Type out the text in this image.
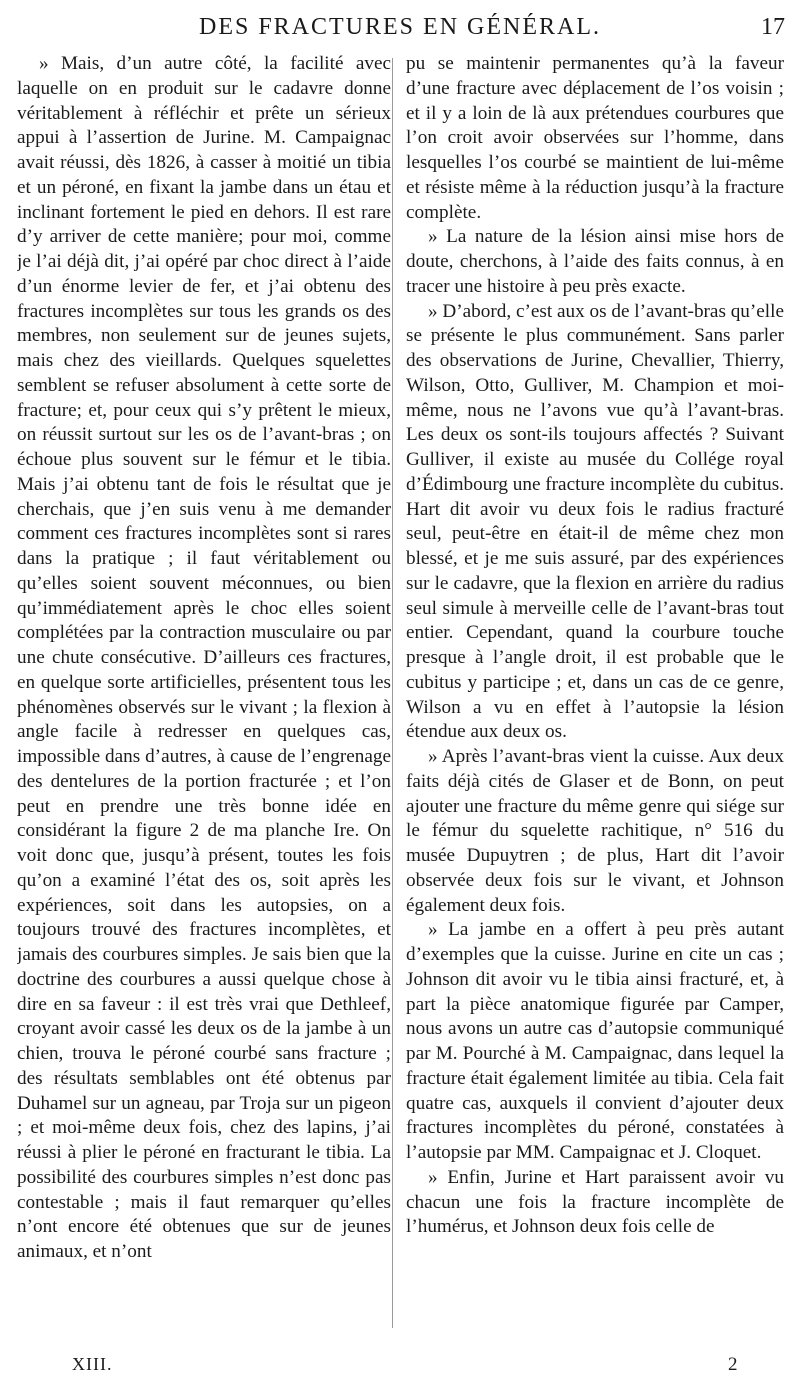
DES FRACTURES EN GÉNÉRAL.	17

» Mais, d’un autre côté, la facilité avec laquelle on en produit sur le cadavre donne véritablement à réfléchir et prête un sérieux appui à l’assertion de Jurine. M. Campaignac avait réussi, dès 1826, à casser à moitié un tibia et un péroné, en fixant la jambe dans un étau et inclinant fortement le pied en dehors. Il est rare d’y arriver de cette manière; pour moi, comme je l’ai déjà dit, j’ai opéré par choc direct à l’aide d’un énorme levier de fer, et j’ai obtenu des fractures incomplètes sur tous les grands os des membres, non seulement sur de jeunes sujets, mais chez des vieillards. Quelques squelettes semblent se refuser absolument à cette sorte de fracture; et, pour ceux qui s’y prêtent le mieux, on réussit surtout sur les os de l’avant-bras ; on échoue plus souvent sur le fémur et le tibia. Mais j’ai obtenu tant de fois le résultat que je cherchais, que j’en suis venu à me demander comment ces fractures incomplètes sont si rares dans la pratique ; il faut véritablement ou qu’elles soient souvent méconnues, ou bien qu’immédiatement après le choc elles soient complétées par la contraction musculaire ou par une chute consécutive. D’ailleurs ces fractures, en quelque sorte artificielles, présentent tous les phénomènes observés sur le vivant ; la flexion à angle facile à redresser en quelques cas, impossible dans d’autres, à cause de l’engrenage des dentelures de la portion fracturée ; et l’on peut en prendre une très bonne idée en considérant la figure 2 de ma planche Ire. On voit donc que, jusqu’à présent, toutes les fois qu’on a examiné l’état des os, soit après les expériences, soit dans les autopsies, on a toujours trouvé des fractures incomplètes, et jamais des courbures simples. Je sais bien que la doctrine des courbures a aussi quelque chose à dire en sa faveur : il est très vrai que Dethleef, croyant avoir cassé les deux os de la jambe à un chien, trouva le péroné courbé sans fracture ; des résultats semblables ont été obtenus par Duhamel sur un agneau, par Troja sur un pigeon ; et moi-même deux fois, chez des lapins, j’ai réussi à plier le péroné en fracturant le tibia. La possibilité des courbures simples n’est donc pas contestable ; mais il faut remarquer qu’elles n’ont encore été obtenues que sur de jeunes animaux, et n’ont

pu se maintenir permanentes qu’à la faveur d’une fracture avec déplacement de l’os voisin ; et il y a loin de là aux prétendues courbures que l’on croit avoir observées sur l’homme, dans lesquelles l’os courbé se maintient de lui-même et résiste même à la réduction jusqu’à la fracture complète.

» La nature de la lésion ainsi mise hors de doute, cherchons, à l’aide des faits connus, à en tracer une histoire à peu près exacte.

» D’abord, c’est aux os de l’avant-bras qu’elle se présente le plus communément. Sans parler des observations de Jurine, Chevallier, Thierry, Wilson, Otto, Gulliver, M. Champion et moi-même, nous ne l’avons vue qu’à l’avant-bras. Les deux os sont-ils toujours affectés ? Suivant Gulliver, il existe au musée du Collége royal d’Édimbourg une fracture incomplète du cubitus. Hart dit avoir vu deux fois le radius fracturé seul, peut-être en était-il de même chez mon blessé, et je me suis assuré, par des expériences sur le cadavre, que la flexion en arrière du radius seul simule à merveille celle de l’avant-bras tout entier. Cependant, quand la courbure touche presque à l’angle droit, il est probable que le cubitus y participe ; et, dans un cas de ce genre, Wilson a vu en effet à l’autopsie la lésion étendue aux deux os.

» Après l’avant-bras vient la cuisse. Aux deux faits déjà cités de Glaser et de Bonn, on peut ajouter une fracture du même genre qui siége sur le fémur du squelette rachitique, n° 516 du musée Dupuytren ; de plus, Hart dit l’avoir observée deux fois sur le vivant, et Johnson également deux fois.

» La jambe en a offert à peu près autant d’exemples que la cuisse. Jurine en cite un cas ; Johnson dit avoir vu le tibia ainsi fracturé, et, à part la pièce anatomique figurée par Camper, nous avons un autre cas d’autopsie communiqué par M. Pourché à M. Campaignac, dans lequel la fracture était également limitée au tibia. Cela fait quatre cas, auxquels il convient d’ajouter deux fractures incomplètes du péroné, constatées à l’autopsie par MM. Campaignac et J. Cloquet.

» Enfin, Jurine et Hart paraissent avoir vu chacun une fois la fracture incomplète de l’humérus, et Johnson deux fois celle de

XIII.	2
